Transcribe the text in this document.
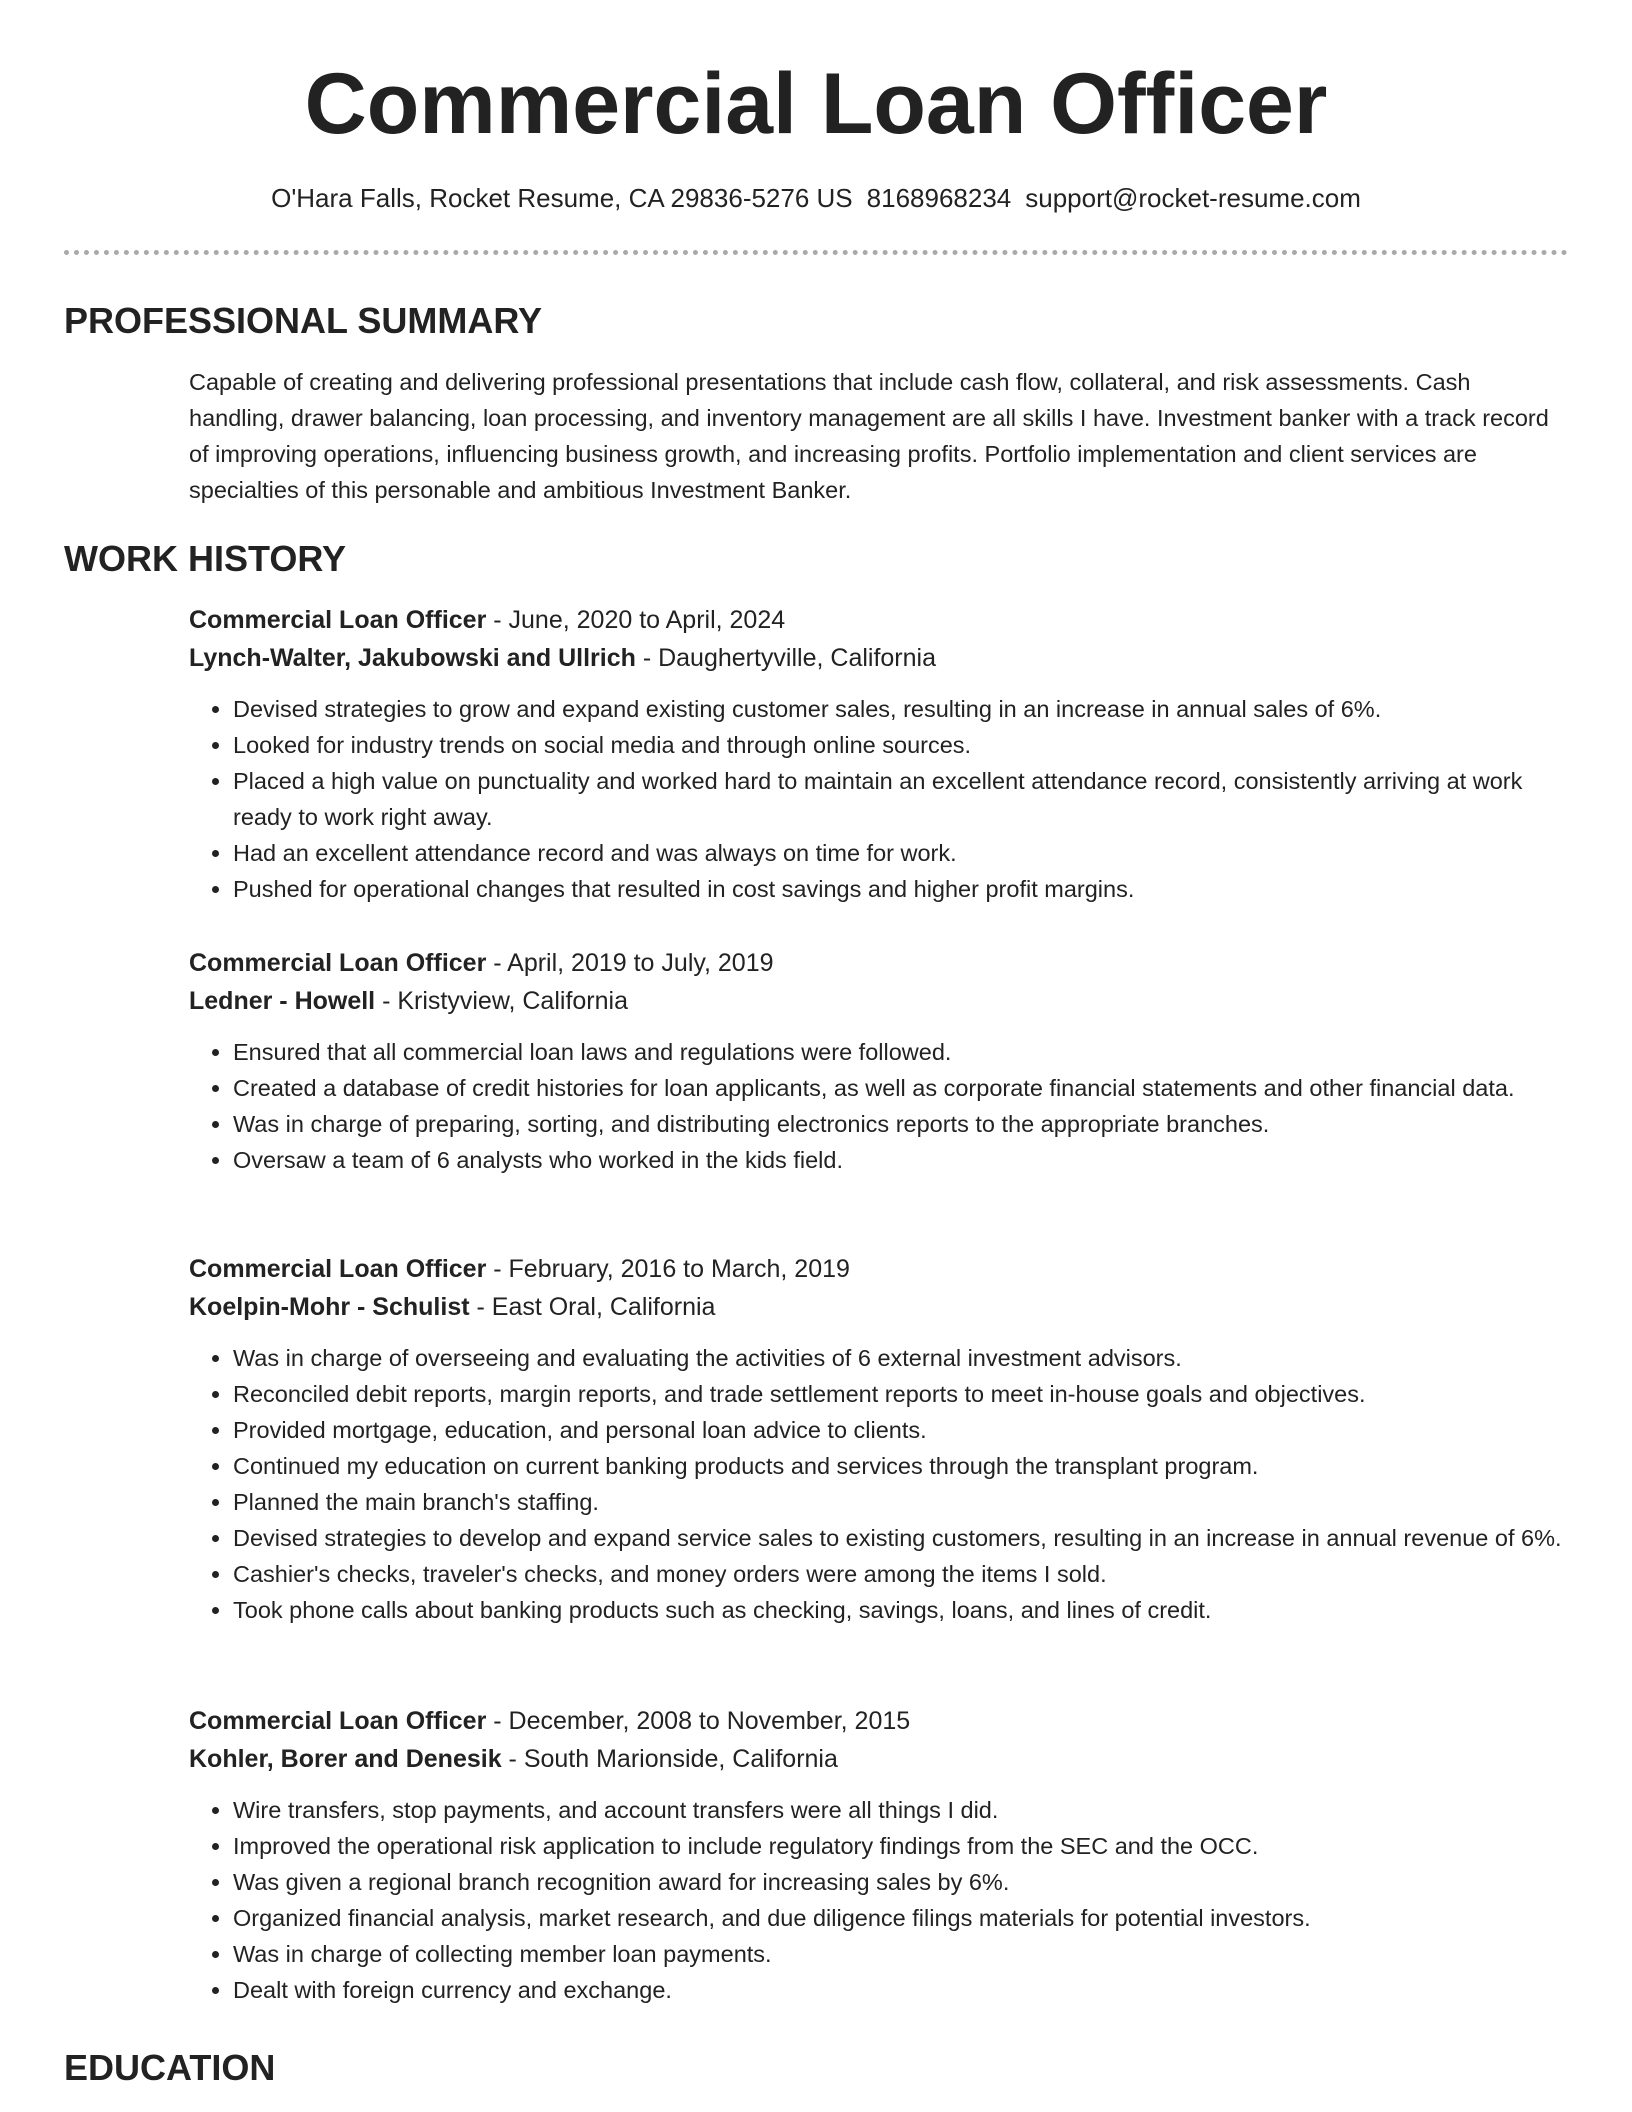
Commercial Loan Officer
O'Hara Falls, Rocket Resume, CA 29836-5276 US 8168968234 support@rocket-resume.com
PROFESSIONAL SUMMARY

Capable of creating and delivering professional presentations that include cash flow, collateral, and risk assessments. Cash handling, drawer balancing, loan processing, and inventory management are all skills I have. Investment banker with a track record of improving operations, influencing business growth, and increasing profits. Portfolio implementation and client services are specialties of this personable and ambitious Investment Banker.

WORK HISTORY
Commercial Loan Officer - June, 2020 to April, 2024
Lynch-Walter, Jakubowski and Ullrich - Daughertyville, California
• Devised strategies to grow and expand existing customer sales, resulting in an increase in annual sales of 6%.
• Looked for industry trends on social media and through online sources.
• Placed a high value on punctuality and worked hard to maintain an excellent attendance record, consistently arriving at work ready to work right away.
• Had an excellent attendance record and was always on time for work.
• Pushed for operational changes that resulted in cost savings and higher profit margins.
Commercial Loan Officer - April, 2019 to July, 2019
Ledner - Howell - Kristyview, California
• Ensured that all commercial loan laws and regulations were followed.
• Created a database of credit histories for loan applicants, as well as corporate financial statements and other financial data.
• Was in charge of preparing, sorting, and distributing electronics reports to the appropriate branches.
• Oversaw a team of 6 analysts who worked in the kids field.
Commercial Loan Officer - February, 2016 to March, 2019
Koelpin-Mohr - Schulist - East Oral, California
• Was in charge of overseeing and evaluating the activities of 6 external investment advisors.
• Reconciled debit reports, margin reports, and trade settlement reports to meet in-house goals and objectives.
• Provided mortgage, education, and personal loan advice to clients.
• Continued my education on current banking products and services through the transplant program.
• Planned the main branch's staffing.
• Devised strategies to develop and expand service sales to existing customers, resulting in an increase in annual revenue of 6%.
• Cashier's checks, traveler's checks, and money orders were among the items I sold.
• Took phone calls about banking products such as checking, savings, loans, and lines of credit.
Commercial Loan Officer - December, 2008 to November, 2015
Kohler, Borer and Denesik - South Marionside, California
• Wire transfers, stop payments, and account transfers were all things I did.
• Improved the operational risk application to include regulatory findings from the SEC and the OCC.
• Was given a regional branch recognition award for increasing sales by 6%.
• Organized financial analysis, market research, and due diligence filings materials for potential investors.
• Was in charge of collecting member loan payments.
• Dealt with foreign currency and exchange.
EDUCATION
